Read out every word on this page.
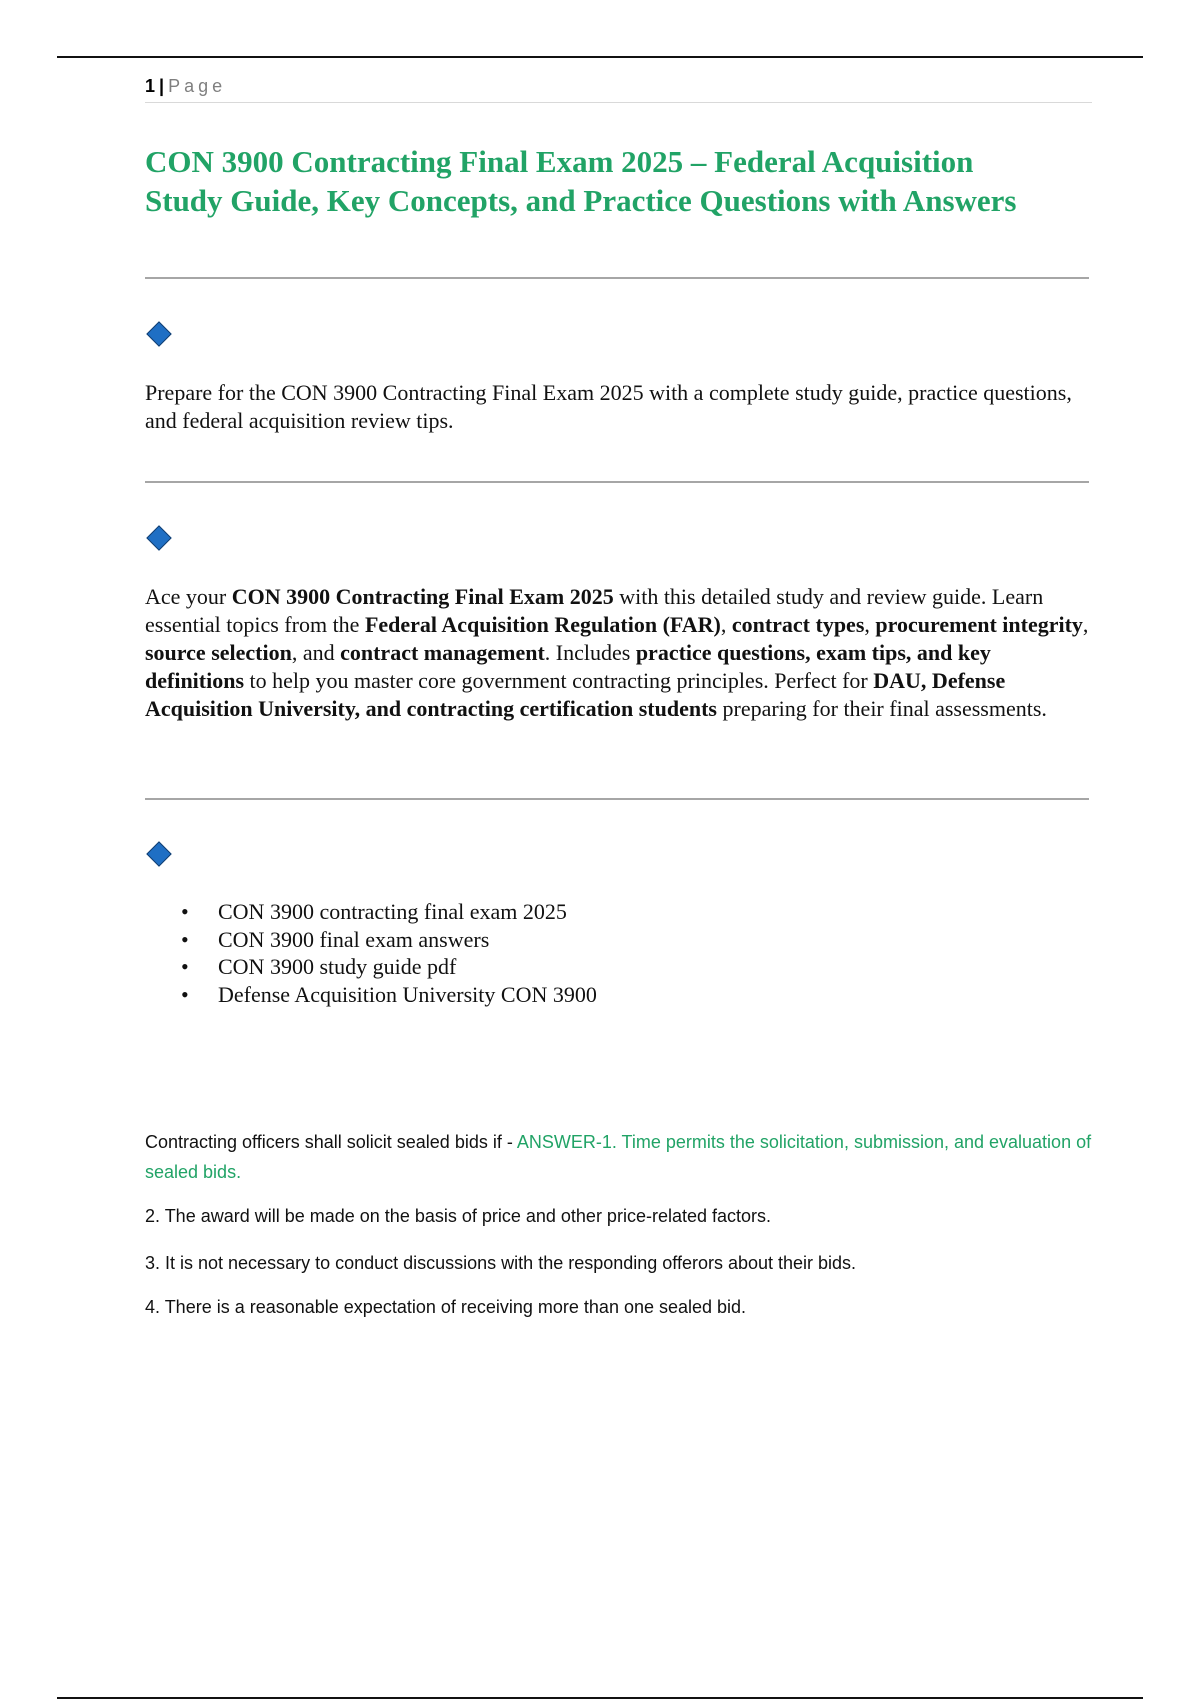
1 | Page
CON 3900 Contracting Final Exam 2025 – Federal Acquisition
Study Guide, Key Concepts, and Practice Questions with Answers

Prepare for the CON 3900 Contracting Final Exam 2025 with a complete study guide, practice questions, and federal acquisition review tips.

Ace your CON 3900 Contracting Final Exam 2025 with this detailed study and review guide. Learn essential topics from the Federal Acquisition Regulation (FAR), contract types, procurement integrity, source selection, and contract management. Includes practice questions, exam tips, and key definitions to help you master core government contracting principles. Perfect for DAU, Defense Acquisition University, and contracting certification students preparing for their final assessments.

• CON 3900 contracting final exam 2025
• CON 3900 final exam answers
• CON 3900 study guide pdf
• Defense Acquisition University CON 3900

Contracting officers shall solicit sealed bids if - ANSWER-1. Time permits the solicitation, submission, and evaluation of sealed bids.

2. The award will be made on the basis of price and other price-related factors.

3. It is not necessary to conduct discussions with the responding offerors about their bids.

4. There is a reasonable expectation of receiving more than one sealed bid.
